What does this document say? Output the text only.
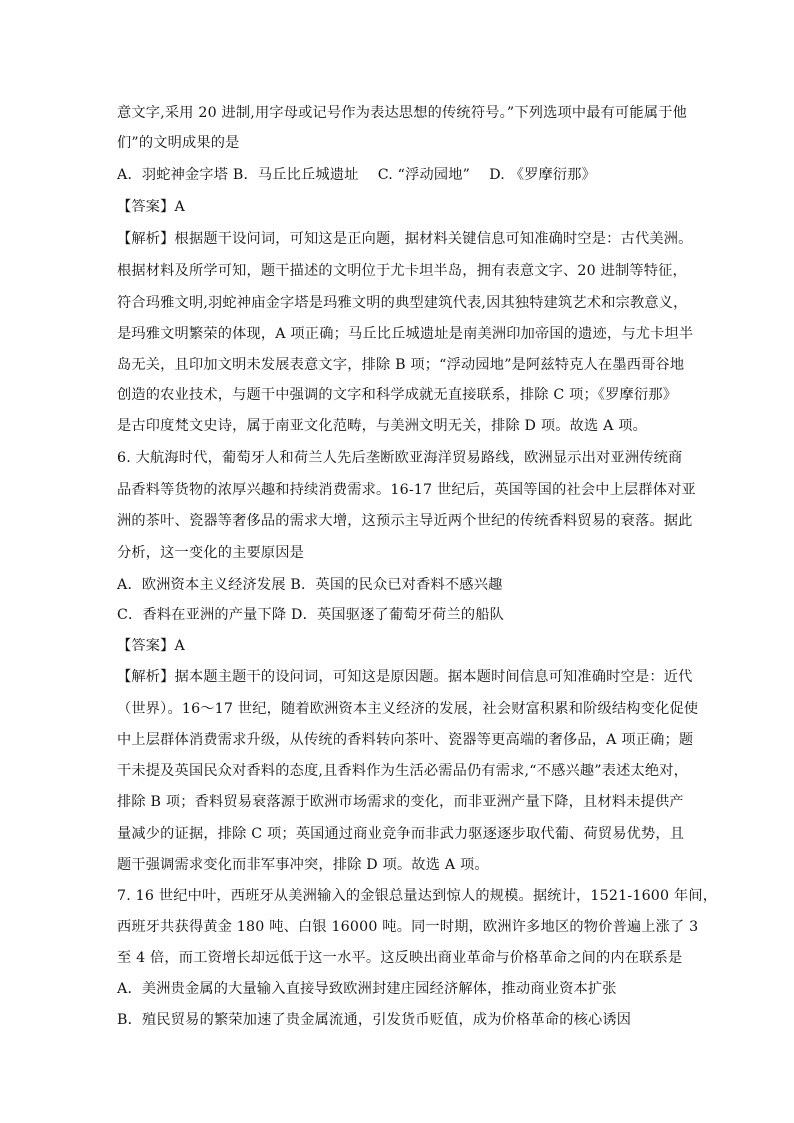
意文字,采用 20 进制,用字母或记号作为表达思想的传统符号。”下列选项中最有可能属于他
们”的文明成果的是
A．羽蛇神金字塔 B．马丘比丘城遗址　 C. “浮动园地”　 D. 《罗摩衍那》
【答案】A
【解析】根据题干设问词，可知这是正向题，据材料关键信息可知准确时空是：古代美洲。
根据材料及所学可知，题干描述的文明位于尤卡坦半岛，拥有表意文字、20 进制等特征，
符合玛雅文明,羽蛇神庙金字塔是玛雅文明的典型建筑代表,因其独特建筑艺术和宗教意义，
是玛雅文明繁荣的体现，A 项正确；马丘比丘城遗址是南美洲印加帝国的遗迹，与尤卡坦半
岛无关，且印加文明未发展表意文字，排除 B 项；“浮动园地”是阿兹特克人在墨西哥谷地
创造的农业技术，与题干中强调的文字和科学成就无直接联系，排除 C 项；《罗摩衍那》
是古印度梵文史诗，属于南亚文化范畴，与美洲文明无关，排除 D 项。故选 A 项。
6. 大航海时代，葡萄牙人和荷兰人先后垄断欧亚海洋贸易路线，欧洲显示出对亚洲传统商
品香料等货物的浓厚兴趣和持续消费需求。16-17 世纪后，英国等国的社会中上层群体对亚
洲的茶叶、瓷器等奢侈品的需求大增，这预示主导近两个世纪的传统香料贸易的衰落。据此
分析，这一变化的主要原因是
A．欧洲资本主义经济发展 B．英国的民众已对香料不感兴趣
C．香料在亚洲的产量下降 D．英国驱逐了葡萄牙荷兰的船队
【答案】A
【解析】据本题主题干的设问词，可知这是原因题。据本题时间信息可知准确时空是：近代
（世界）。16～17 世纪，随着欧洲资本主义经济的发展，社会财富积累和阶级结构变化促使
中上层群体消费需求升级，从传统的香料转向茶叶、瓷器等更高端的奢侈品，A 项正确；题
干未提及英国民众对香料的态度,且香料作为生活必需品仍有需求,“不感兴趣”表述太绝对，
排除 B 项；香料贸易衰落源于欧洲市场需求的变化，而非亚洲产量下降，且材料未提供产
量减少的证据，排除 C 项；英国通过商业竞争而非武力驱逐逐步取代葡、荷贸易优势，且
题干强调需求变化而非军事冲突，排除 D 项。故选 A 项。
7. 16 世纪中叶，西班牙从美洲输入的金银总量达到惊人的规模。据统计，1521-1600 年间，
西班牙共获得黄金 180 吨、白银 16000 吨。同一时期，欧洲许多地区的物价普遍上涨了 3
至 4 倍，而工资增长却远低于这一水平。这反映出商业革命与价格革命之间的内在联系是
A．美洲贵金属的大量输入直接导致欧洲封建庄园经济解体，推动商业资本扩张
B．殖民贸易的繁荣加速了贵金属流通，引发货币贬值，成为价格革命的核心诱因
